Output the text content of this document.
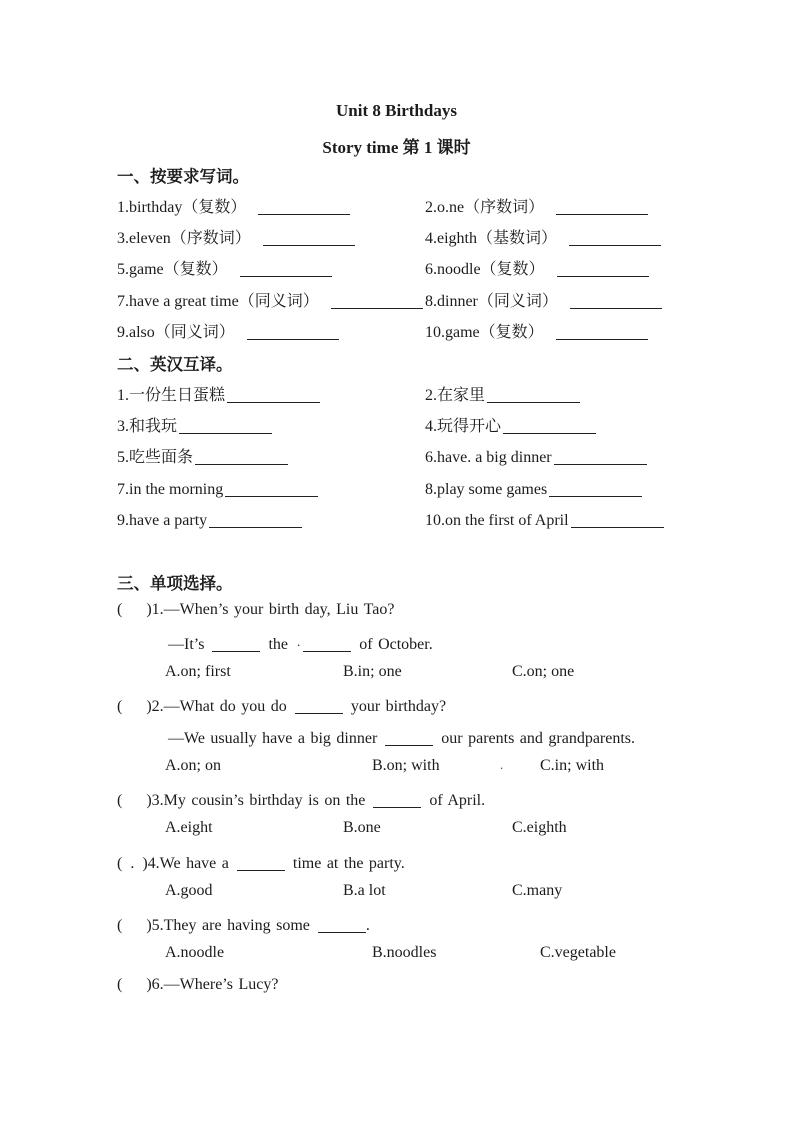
Unit 8 Birthdays
Story time 第 1 课时
一、按要求写词。
1.birthday（复数）	2.o.ne（序数词）
3.eleven（序数词）	4.eighth（基数词）
5.game（复数）	6.noodle（复数）
7.have a great time（同义词）	8.dinner（同义词）
9.also（同义词）	10.game（复数）
二、英汉互译。
1.一份生日蛋糕	2.在家里
3.和我玩	4.玩得开心
5.吃些面条	6.have. a big dinner
7.in the morning	8.play some games
9.have a party	10.on the first of April
三、单项选择。
(   )1.—When’s your birth day, Liu Tao?
—It’s	the .	of October.
A.on; first	B.in; one	C.on; one
(   )2.—What do you do	your birthday?
—We usually have a big dinner	our parents and grandparents.
A.on; on	B.on; with	. C.in; with
(   )3.My cousin’s birthday is on the	of April.
A.eight	B.one	C.eighth
( . )4.We have a	time at the party.
A.good	B.a lot	C.many
(   )5.They are having some	.
A.noodle	B.noodles	C.vegetable
(   )6.—Where’s Lucy?
